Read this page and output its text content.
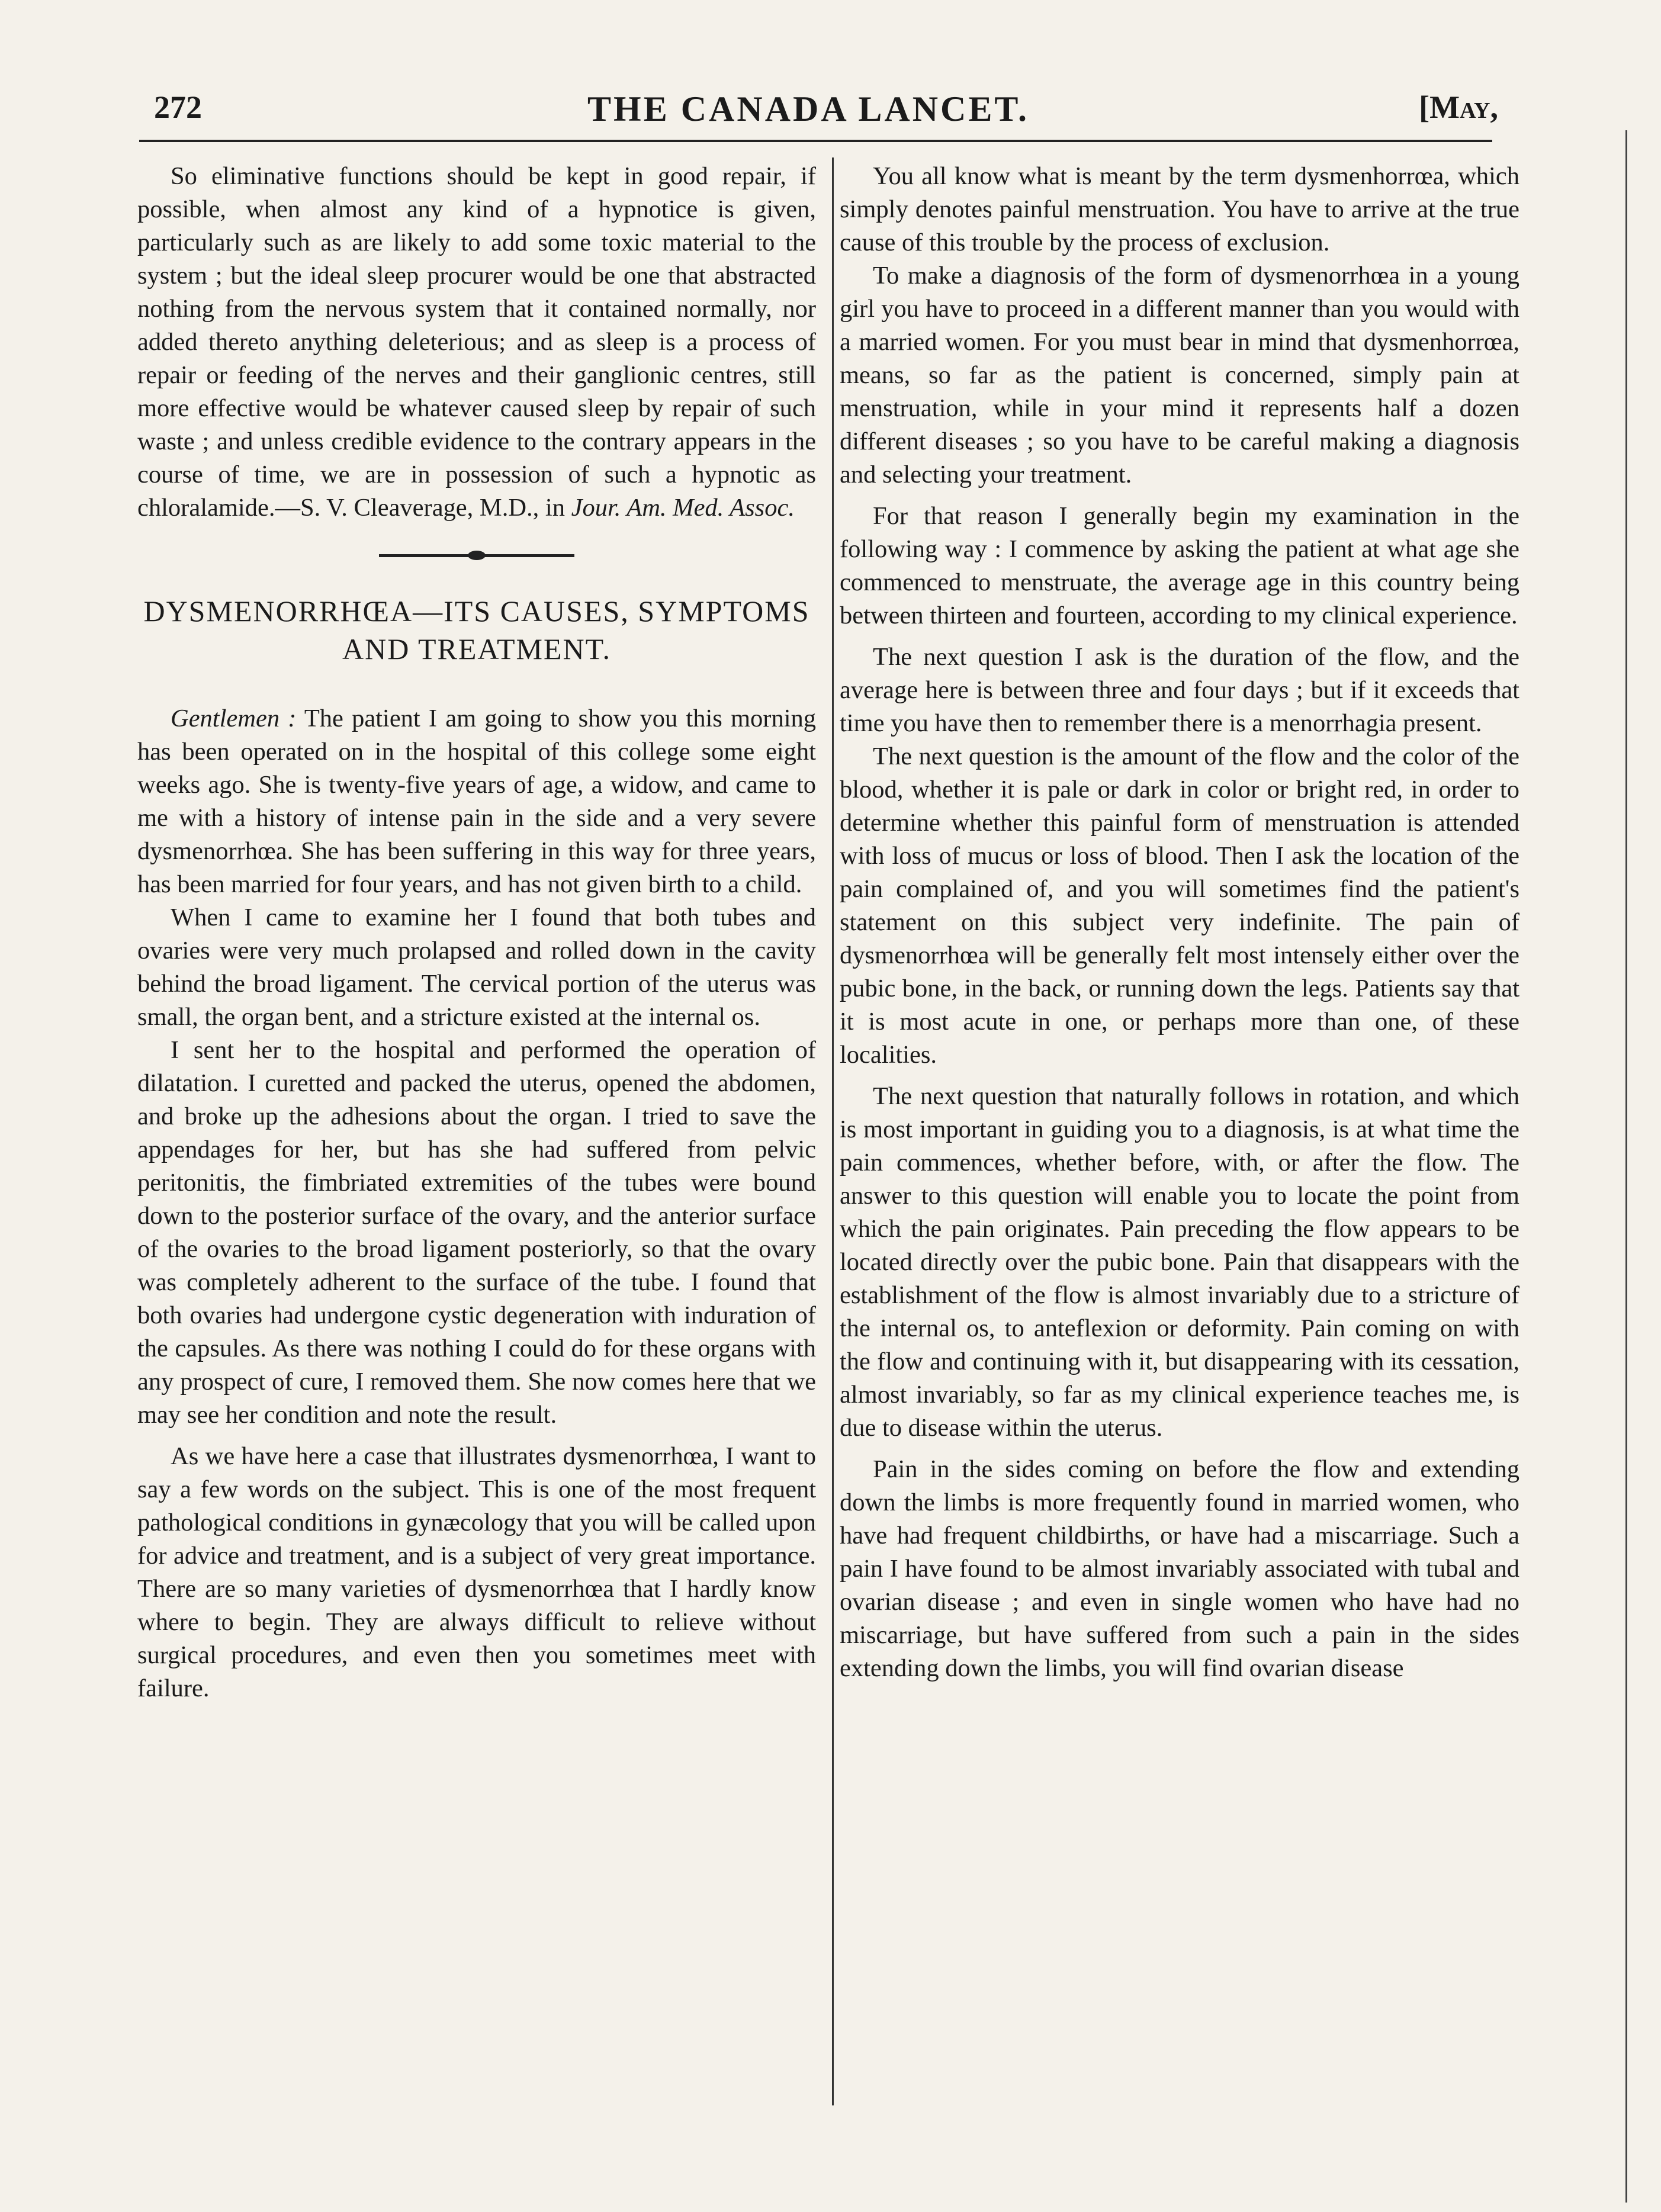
272	THE CANADA LANCET.	[May,

So eliminative functions should be kept in good repair, if possible, when almost any kind of a hypnotice is given, particularly such as are likely to add some toxic material to the system ; but the ideal sleep procurer would be one that abstracted nothing from the nervous system that it contained normally, nor added thereto anything deleterious; and as sleep is a process of repair or feeding of the nerves and their ganglionic centres, still more effective would be whatever caused sleep by repair of such waste ; and unless credible evidence to the contrary appears in the course of time, we are in possession of such a hypnotic as chloralamide.—S. V. Cleaverage, M.D., in Jour. Am. Med. Assoc.

DYSMENORRHŒA—ITS CAUSES, SYMPTOMS AND TREATMENT.

Gentlemen : The patient I am going to show you this morning has been operated on in the hospital of this college some eight weeks ago. She is twenty-five years of age, a widow, and came to me with a history of intense pain in the side and a very severe dysmenorrhœa. She has been suffering in this way for three years, has been married for four years, and has not given birth to a child.

When I came to examine her I found that both tubes and ovaries were very much prolapsed and rolled down in the cavity behind the broad ligament. The cervical portion of the uterus was small, the organ bent, and a stricture existed at the internal os.

I sent her to the hospital and performed the operation of dilatation. I curetted and packed the uterus, opened the abdomen, and broke up the adhesions about the organ. I tried to save the appendages for her, but has she had suffered from pelvic peritonitis, the fimbriated extremities of the tubes were bound down to the posterior surface of the ovary, and the anterior surface of the ovaries to the broad ligament posteriorly, so that the ovary was completely adherent to the surface of the tube. I found that both ovaries had undergone cystic degeneration with induration of the capsules. As there was nothing I could do for these organs with any prospect of cure, I removed them. She now comes here that we may see her condition and note the result.

As we have here a case that illustrates dysmenorrhœa, I want to say a few words on the subject. This is one of the most frequent pathological conditions in gynæcology that you will be called upon for advice and treatment, and is a subject of very great importance. There are so many varieties of dysmenorrhœa that I hardly know where to begin. They are always difficult to relieve without surgical procedures, and even then you sometimes meet with failure.

You all know what is meant by the term dysmenhorrœa, which simply denotes painful menstruation. You have to arrive at the true cause of this trouble by the process of exclusion.

To make a diagnosis of the form of dysmenorrhœa in a young girl you have to proceed in a different manner than you would with a married women. For you must bear in mind that dysmenhorrœa, means, so far as the patient is concerned, simply pain at menstruation, while in your mind it represents half a dozen different diseases ; so you have to be careful making a diagnosis and selecting your treatment.

For that reason I generally begin my examination in the following way : I commence by asking the patient at what age she commenced to menstruate, the average age in this country being between thirteen and fourteen, according to my clinical experience.

The next question I ask is the duration of the flow, and the average here is between three and four days ; but if it exceeds that time you have then to remember there is a menorrhagia present.

The next question is the amount of the flow and the color of the blood, whether it is pale or dark in color or bright red, in order to determine whether this painful form of menstruation is attended with loss of mucus or loss of blood. Then I ask the location of the pain complained of, and you will sometimes find the patient's statement on this subject very indefinite. The pain of dysmenorrhœa will be generally felt most intensely either over the pubic bone, in the back, or running down the legs. Patients say that it is most acute in one, or perhaps more than one, of these localities.

The next question that naturally follows in rotation, and which is most important in guiding you to a diagnosis, is at what time the pain commences, whether before, with, or after the flow. The answer to this question will enable you to locate the point from which the pain originates. Pain preceding the flow appears to be located directly over the pubic bone. Pain that disappears with the establishment of the flow is almost invariably due to a stricture of the internal os, to anteflexion or deformity. Pain coming on with the flow and continuing with it, but disappearing with its cessation, almost invariably, so far as my clinical experience teaches me, is due to disease within the uterus.

Pain in the sides coming on before the flow and extending down the limbs is more frequently found in married women, who have had frequent childbirths, or have had a miscarriage. Such a pain I have found to be almost invariably associated with tubal and ovarian disease ; and even in single women who have had no miscarriage, but have suffered from such a pain in the sides extending down the limbs, you will find ovarian disease
